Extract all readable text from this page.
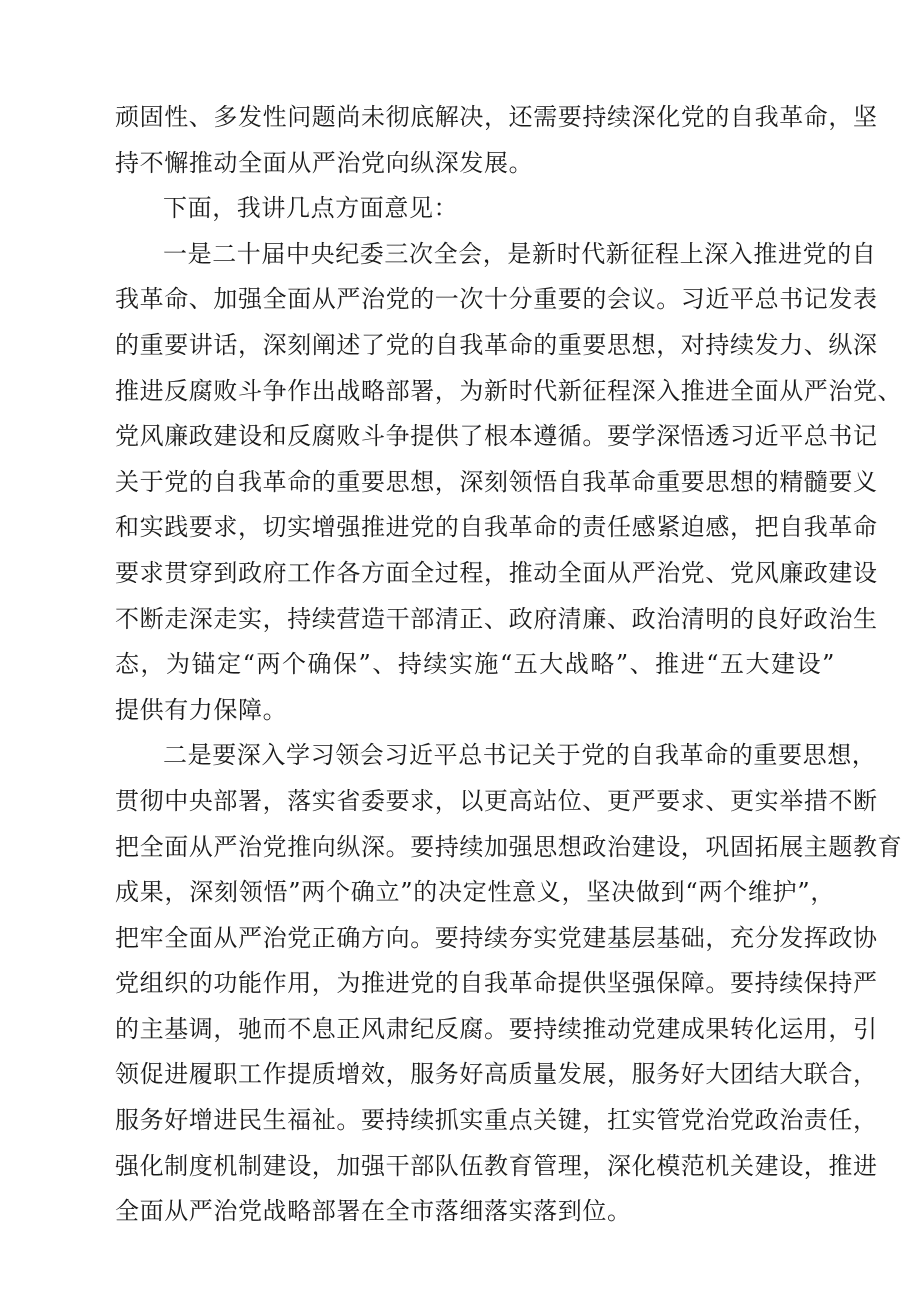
顽固性、多发性问题尚未彻底解决，还需要持续深化党的自我革命，坚
持不懈推动全面从严治党向纵深发展。
下面，我讲几点方面意见：
一是二十届中央纪委三次全会，是新时代新征程上深入推进党的自
我革命、加强全面从严治党的一次十分重要的会议。习近平总书记发表
的重要讲话，深刻阐述了党的自我革命的重要思想，对持续发力、纵深
推进反腐败斗争作出战略部署，为新时代新征程深入推进全面从严治党、
党风廉政建设和反腐败斗争提供了根本遵循。要学深悟透习近平总书记
关于党的自我革命的重要思想，深刻领悟自我革命重要思想的精髓要义
和实践要求，切实增强推进党的自我革命的责任感紧迫感，把自我革命
要求贯穿到政府工作各方面全过程，推动全面从严治党、党风廉政建设
不断走深走实，持续营造干部清正、政府清廉、政治清明的良好政治生
态，为锚定“两个确保”、持续实施“五大战略”、推进“五大建设”
提供有力保障。
二是要深入学习领会习近平总书记关于党的自我革命的重要思想，
贯彻中央部署，落实省委要求，以更高站位、更严要求、更实举措不断
把全面从严治党推向纵深。要持续加强思想政治建设，巩固拓展主题教育
成果，深刻领悟”两个确立”的决定性意义，坚决做到“两个维护”，
把牢全面从严治党正确方向。要持续夯实党建基层基础，充分发挥政协
党组织的功能作用，为推进党的自我革命提供坚强保障。要持续保持严
的主基调，驰而不息正风肃纪反腐。要持续推动党建成果转化运用，引
领促进履职工作提质增效，服务好高质量发展，服务好大团结大联合，
服务好增进民生福祉。要持续抓实重点关键，扛实管党治党政治责任，
强化制度机制建设，加强干部队伍教育管理，深化模范机关建设，推进
全面从严治党战略部署在全市落细落实落到位。
